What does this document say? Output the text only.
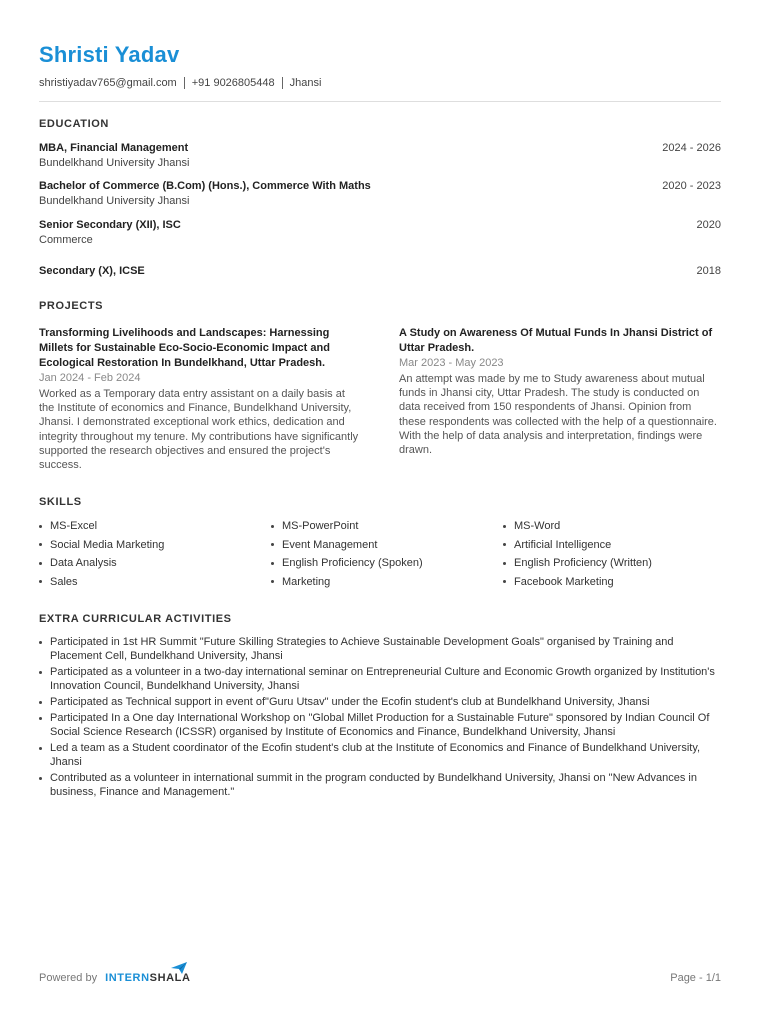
Shristi Yadav
shristiyadav765@gmail.com +91 9026805448 Jhansi
EDUCATION
MBA, Financial Management
Bundelkhand University Jhansi
2024 - 2026
Bachelor of Commerce (B.Com) (Hons.), Commerce With Maths
Bundelkhand University Jhansi
2020 - 2023
Senior Secondary (XII), ISC
Commerce
2020
Secondary (X), ICSE	2018
PROJECTS
Transforming Livelihoods and Landscapes: Harnessing Millets for Sustainable Eco-Socio-Economic Impact and Ecological Restoration In Bundelkhand, Uttar Pradesh.
Jan 2024 - Feb 2024
Worked as a Temporary data entry assistant on a daily basis at the Institute of economics and Finance, Bundelkhand University, Jhansi. I demonstrated exceptional work ethics, dedication and integrity throughout my tenure. My contributions have significantly supported the research objectives and ensured the project's success.
A Study on Awareness Of Mutual Funds In Jhansi District of Uttar Pradesh.
Mar 2023 - May 2023
An attempt was made by me to Study awareness about mutual funds in Jhansi city, Uttar Pradesh. The study is conducted on data received from 150 respondents of Jhansi. Opinion from these respondents was collected with the help of a questionnaire. With the help of data analysis and interpretation, findings were drawn.
SKILLS
MS-Excel	MS-PowerPoint	MS-Word
Social Media Marketing	Event Management	Artificial Intelligence
Data Analysis	English Proficiency (Spoken)	English Proficiency (Written)
Sales	Marketing	Facebook Marketing
EXTRA CURRICULAR ACTIVITIES
Participated in 1st HR Summit "Future Skilling Strategies to Achieve Sustainable Development Goals" organised by Training and Placement Cell, Bundelkhand University, Jhansi
Participated as a volunteer in a two-day international seminar on Entrepreneurial Culture and Economic Growth organized by Institution's Innovation Council, Bundelkhand University, Jhansi
Participated as Technical support in event of"Guru Utsav" under the Ecofin student's club at Bundelkhand University, Jhansi
Participated In a One day International Workshop on "Global Millet Production for a Sustainable Future" sponsored by Indian Council Of Social Science Research (ICSSR) organised by Institute of Economics and Finance, Bundelkhand University, Jhansi
Led a team as a Student coordinator of the Ecofin student's club at the Institute of Economics and Finance of Bundelkhand University, Jhansi
Contributed as a volunteer in international summit in the program conducted by Bundelkhand University, Jhansi on "New Advances in business, Finance and Management."
Powered by INTERNSHALA	Page - 1/1
